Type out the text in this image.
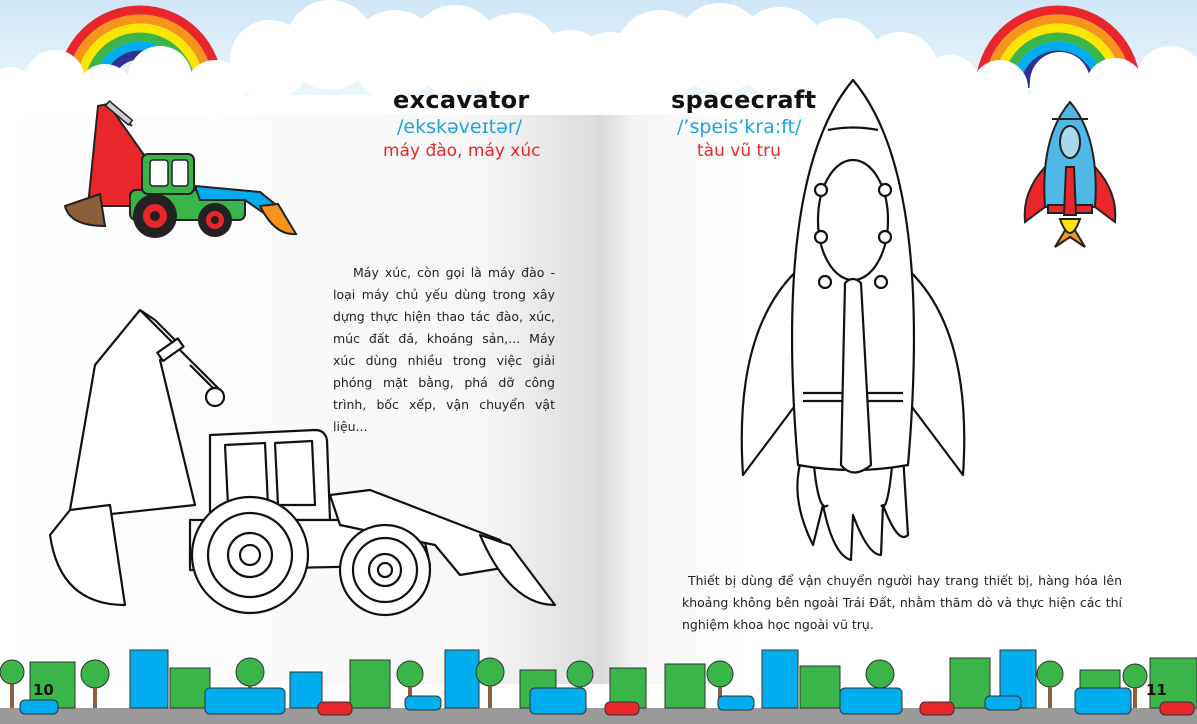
excavator
/ekskəveɪtər/
máy đào, máy xúc
Máy xúc, còn gọi là máy đào - loại máy chủ yếu dùng trong xây dựng thực hiện thao tác đào, xúc, múc đất đá, khoáng sản,... Máy xúc dùng nhiều trong việc giải phóng mặt bằng, phá dỡ công trình, bốc xếp, vận chuyển vật liệu...
spacecraft
/’speis’kra:ft/
tàu vũ trụ
Thiết bị dùng để vận chuyển người hay trang thiết bị, hàng hóa lên khoảng không bên ngoài Trái Đất, nhằm thăm dò và thực hiện các thí nghiệm khoa học ngoài vũ trụ.
10	11
